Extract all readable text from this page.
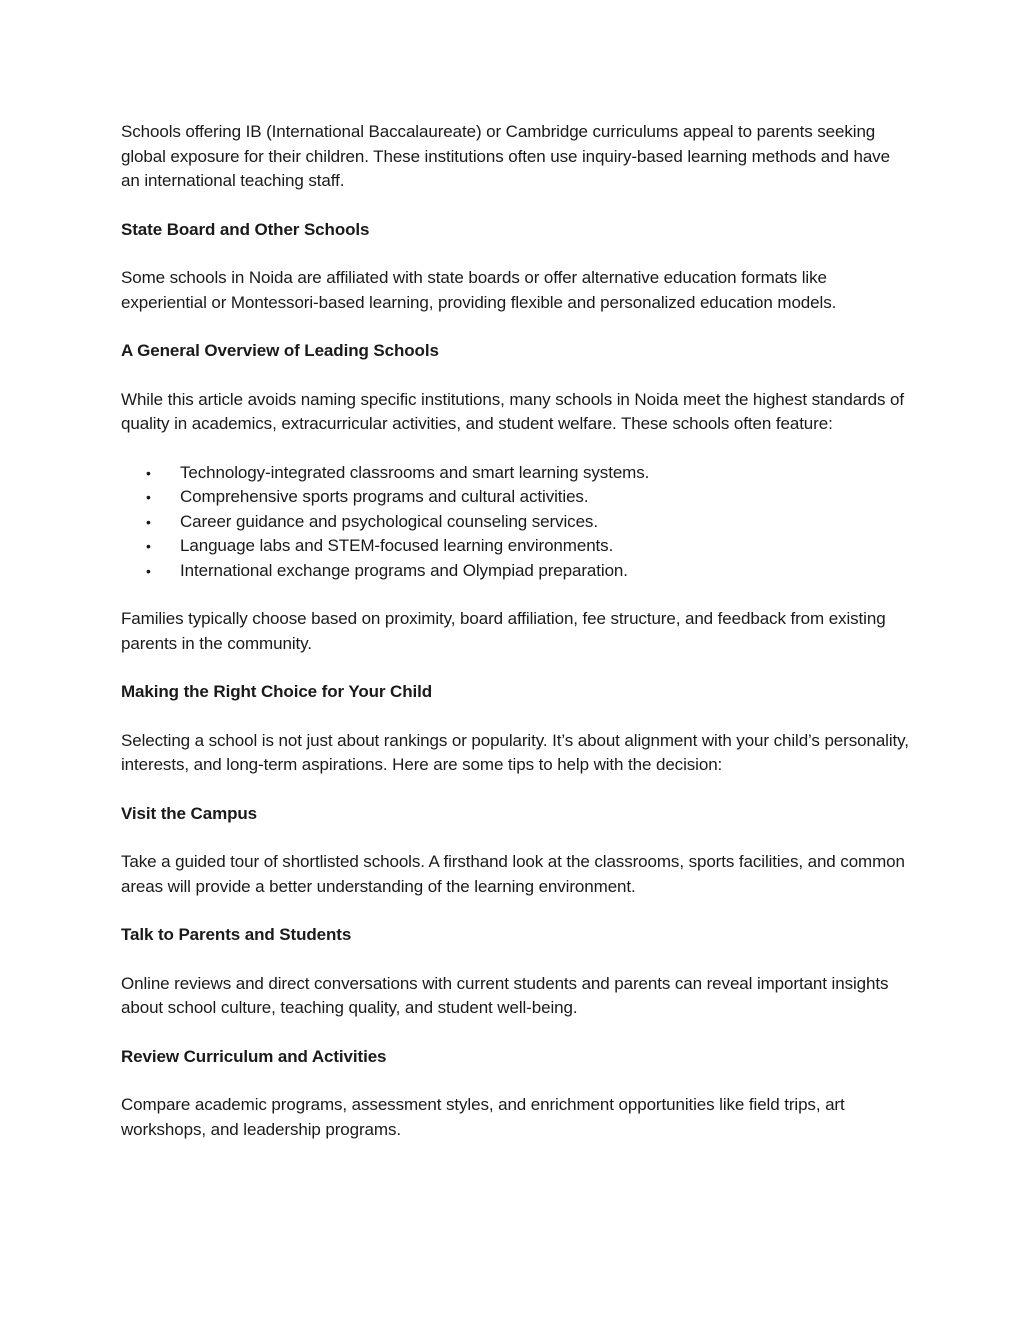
Schools offering IB (International Baccalaureate) or Cambridge curriculums appeal to parents seeking global exposure for their children. These institutions often use inquiry-based learning methods and have an international teaching staff.

State Board and Other Schools

Some schools in Noida are affiliated with state boards or offer alternative education formats like experiential or Montessori-based learning, providing flexible and personalized education models.

A General Overview of Leading Schools

While this article avoids naming specific institutions, many schools in Noida meet the highest standards of quality in academics, extracurricular activities, and student welfare. These schools often feature:

• Technology-integrated classrooms and smart learning systems.
• Comprehensive sports programs and cultural activities.
• Career guidance and psychological counseling services.
• Language labs and STEM-focused learning environments.
• International exchange programs and Olympiad preparation.

Families typically choose based on proximity, board affiliation, fee structure, and feedback from existing parents in the community.

Making the Right Choice for Your Child

Selecting a school is not just about rankings or popularity. It’s about alignment with your child’s personality, interests, and long-term aspirations. Here are some tips to help with the decision:

Visit the Campus

Take a guided tour of shortlisted schools. A firsthand look at the classrooms, sports facilities, and common areas will provide a better understanding of the learning environment.

Talk to Parents and Students

Online reviews and direct conversations with current students and parents can reveal important insights about school culture, teaching quality, and student well-being.

Review Curriculum and Activities

Compare academic programs, assessment styles, and enrichment opportunities like field trips, art workshops, and leadership programs.
